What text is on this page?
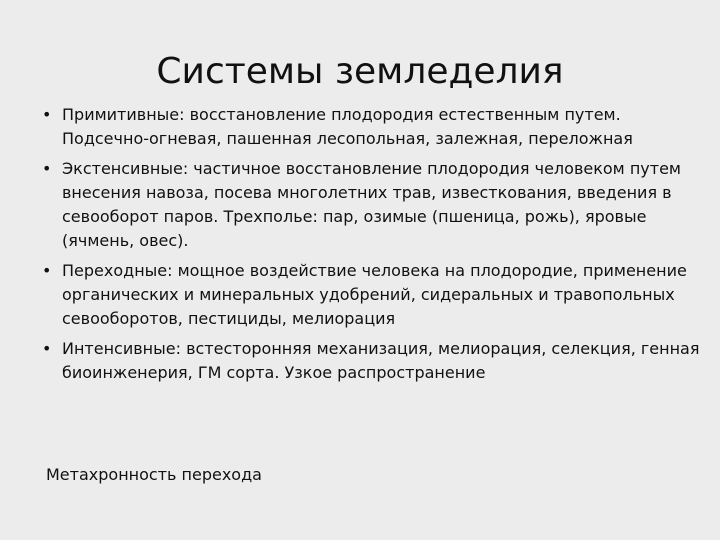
Системы земледелия
• Примитивные: восстановление плодородия естественным путем. Подсечно-огневая, пашенная лесопольная, залежная, переложная
• Экстенсивные: частичное восстановление плодородия человеком путем внесения навоза, посева многолетних трав, известкования, введения в севооборот паров. Трехполье: пар, озимые (пшеница, рожь), яровые (ячмень, овес).
• Переходные: мощное воздействие человека на плодородие, применение органических и минеральных удобрений, сидеральных и травопольных севооборотов, пестициды, мелиорация
• Интенсивные: встесторонняя механизация, мелиорация, селекция, генная биоинженерия, ГМ сорта. Узкое распространение
Метахронность перехода
